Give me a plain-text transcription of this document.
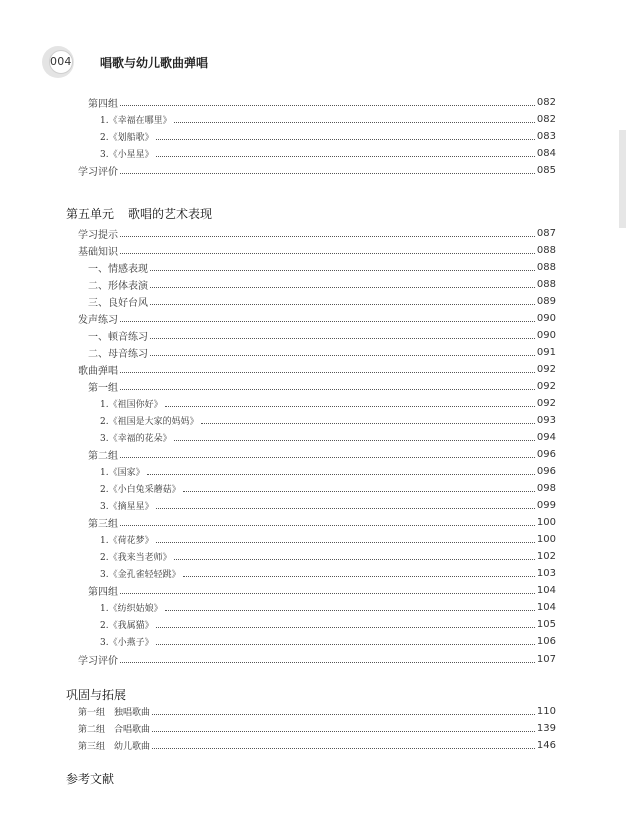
004 唱歌与幼儿歌曲弹唱
第四组	082
1.《幸福在哪里》	082
2.《划船歌》	083
3.《小星星》	084
学习评价	085
第五单元 歌唱的艺术表现
学习提示	087
基础知识	088
一、情感表现	088
二、形体表演	088
三、良好台风	089
发声练习	090
一、顿音练习	090
二、母音练习	091
歌曲弹唱	092
第一组	092
1.《祖国你好》	092
2.《祖国是大家的妈妈》	093
3.《幸福的花朵》	094
第二组	096
1.《国家》	096
2.《小白兔采蘑菇》	098
3.《摘星星》	099
第三组	100
1.《荷花梦》	100
2.《我来当老师》	102
3.《金孔雀轻轻跳》	103
第四组	104
1.《纺织姑娘》	104
2.《我属猫》	105
3.《小燕子》	106
学习评价	107
巩固与拓展
第一组　独唱歌曲	110
第二组　合唱歌曲	139
第三组　幼儿歌曲	146
参考文献
